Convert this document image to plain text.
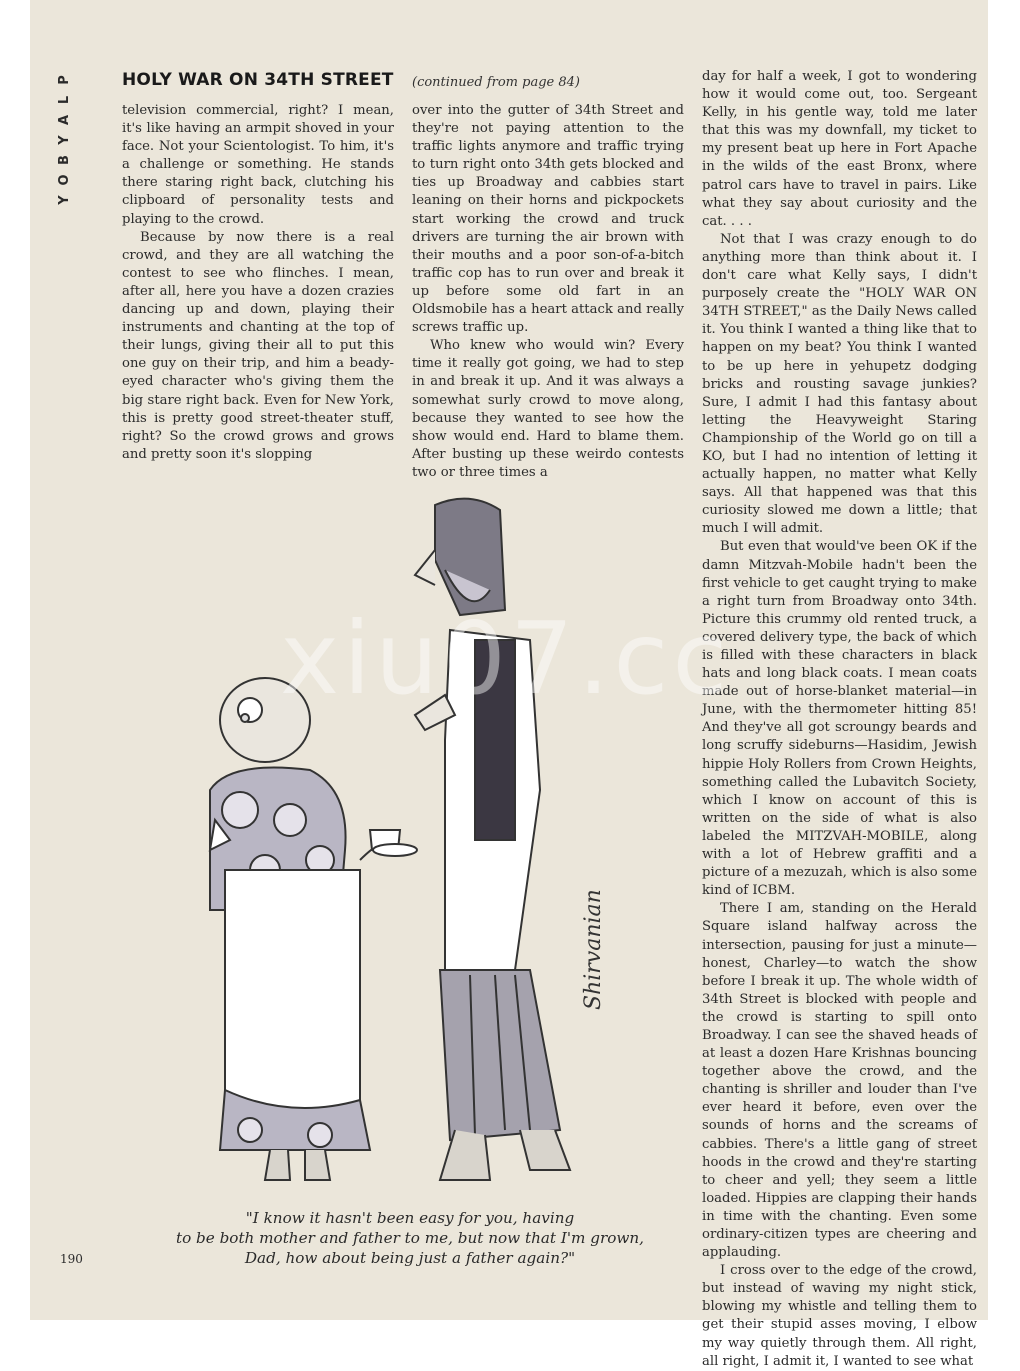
P
L
A
Y
B
O
Y
HOLY WAR ON 34TH STREET (continued from page 84)

television commercial, right? I mean, it's like having an armpit shoved in your face. Not your Scientologist. To him, it's a challenge or something. He stands there staring right back, clutching his clipboard of personality tests and playing to the crowd.

Because by now there is a real crowd, and they are all watching the contest to see who flinches. I mean, after all, here you have a dozen crazies dancing up and down, playing their instruments and chanting at the top of their lungs, giving their all to put this one guy on their trip, and him a beady-eyed character who's giving them the big stare right back. Even for New York, this is pretty good street-theater stuff, right? So the crowd grows and grows and pretty soon it's slopping

over into the gutter of 34th Street and they're not paying attention to the traffic lights anymore and traffic trying to turn right onto 34th gets blocked and ties up Broadway and cabbies start leaning on their horns and pickpockets start working the crowd and truck drivers are turning the air brown with their mouths and a poor son-of-a-bitch traffic cop has to run over and break it up before some old fart in an Oldsmobile has a heart attack and really screws traffic up.

Who knew who would win? Every time it really got going, we had to step in and break it up. And it was always a somewhat surly crowd to move along, because they wanted to see how the show would end. Hard to blame them. After busting up these weirdo contests two or three times a

day for half a week, I got to wondering how it would come out, too. Sergeant Kelly, in his gentle way, told me later that this was my downfall, my ticket to my present beat up here in Fort Apache in the wilds of the east Bronx, where patrol cars have to travel in pairs. Like what they say about curiosity and the cat. . . .

Not that I was crazy enough to do anything more than think about it. I don't care what Kelly says, I didn't purposely create the "HOLY WAR ON 34TH STREET," as the Daily News called it. You think I wanted a thing like that to happen on my beat? You think I wanted to be up here in yehupetz dodging bricks and rousting savage junkies? Sure, I admit I had this fantasy about letting the Heavyweight Staring Championship of the World go on till a KO, but I had no intention of letting it actually happen, no matter what Kelly says. All that happened was that this curiosity slowed me down a little; that much I will admit.

But even that would've been OK if the damn Mitzvah-Mobile hadn't been the first vehicle to get caught trying to make a right turn from Broadway onto 34th. Picture this crummy old rented truck, a covered delivery type, the back of which is filled with these characters in black hats and long black coats. I mean coats made out of horse-blanket material—in June, with the thermometer hitting 85! And they've all got scroungy beards and long scruffy sideburns—Hasidim, Jewish hippie Holy Rollers from Crown Heights, something called the Lubavitch Society, which I know on account of this is written on the side of what is also labeled the MITZVAH-MOBILE, along with a lot of Hebrew graffiti and a picture of a mezuzah, which is also some kind of ICBM.

There I am, standing on the Herald Square island halfway across the intersection, pausing for just a minute—honest, Charley—to watch the show before I break it up. The whole width of 34th Street is blocked with people and the crowd is starting to spill onto Broadway. I can see the shaved heads of at least a dozen Hare Krishnas bouncing together above the crowd, and the chanting is shriller and louder than I've ever heard it before, even over the sounds of horns and the screams of cabbies. There's a little gang of street hoods in the crowd and they're starting to cheer and yell; they seem a little loaded. Hippies are clapping their hands in time with the chanting. Even some ordinary-citizen types are cheering and applauding.

I cross over to the edge of the crowd, but instead of waving my night stick, blowing my whistle and telling them to get their stupid asses moving, I elbow my way quietly through them. All right, all right, I admit it, I wanted to see what

Shirvanian
"I know it hasn't been easy for you, having
to be both mother and father to me, but now that I'm grown,
Dad, how about being just a father again?"
190
xiu07.cc
